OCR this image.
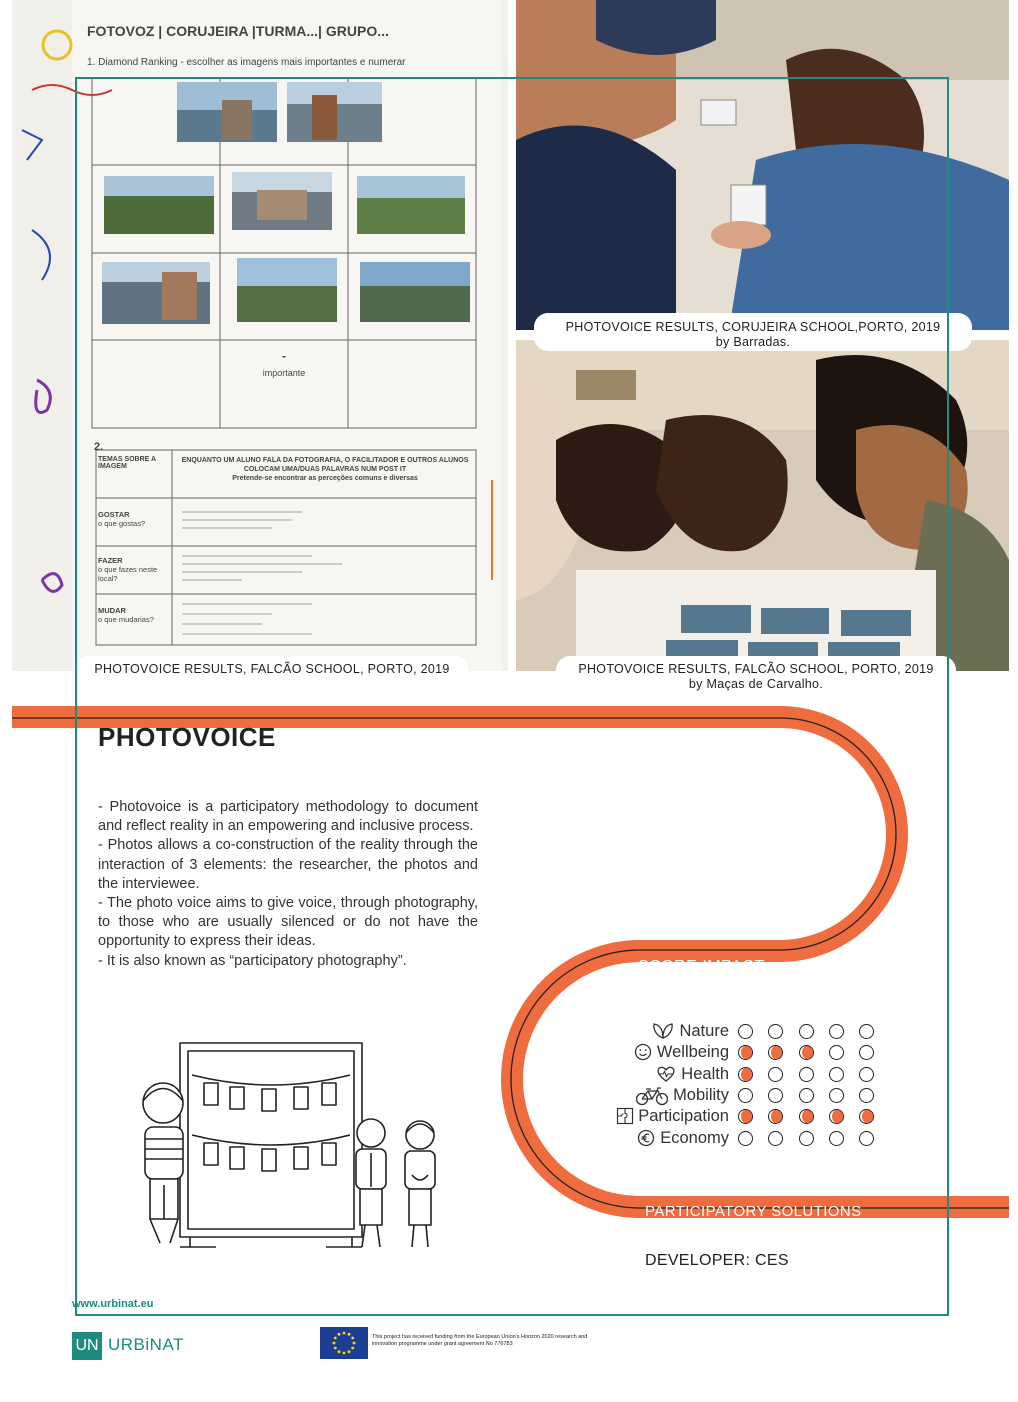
FOTOVOZ | CORUJEIRA |TURMA...| GRUPO...
1. Diamond Ranking - escolher as imagens mais importantes e numerar
-
importante
2.
TEMAS SOBRE A IMAGEM
ENQUANTO UM ALUNO FALA DA FOTOGRAFIA, O FACILITADOR E OUTROS ALUNOS COLOCAM UMA/DUAS PALAVRAS NUM POST IT
Pretende-se encontrar as perceções comuns e diversas
GOSTAR
o que gostas?
FAZER
o que fazes neste local?
MUDAR
o que mudarias?
PHOTOVOICE RESULTS, CORUJEIRA SCHOOL,PORTO, 2019
by Barradas.
PHOTOVOICE RESULTS, FALCÃO SCHOOL, PORTO, 2019	PHOTOVOICE RESULTS, FALCÃO SCHOOL, PORTO, 2019
by Maças de Carvalho.
PHOTOVOICE

- Photovoice is a participatory methodology to document and reflect reality in an empowering and inclusive process.

- Photos allows a co-construction of the reality through the interaction of 3 elements: the researcher, the photos and the interviewee.

- The photo voice aims to give voice, through photography, to those who are usually silenced or do not have the opportunity to express their ideas.

- It is also known as “participatory photography”.	SCORE IMPACT
Nature
Wellbeing
Health
Mobility
Participation
Economy
PARTICIPATORY SOLUTIONS
DEVELOPER: CES
www.urbinat.eu
UN URBiNAT	This project has received funding from the European Union's Horizon 2020 research and innovation programme under grant agreement No 776783
